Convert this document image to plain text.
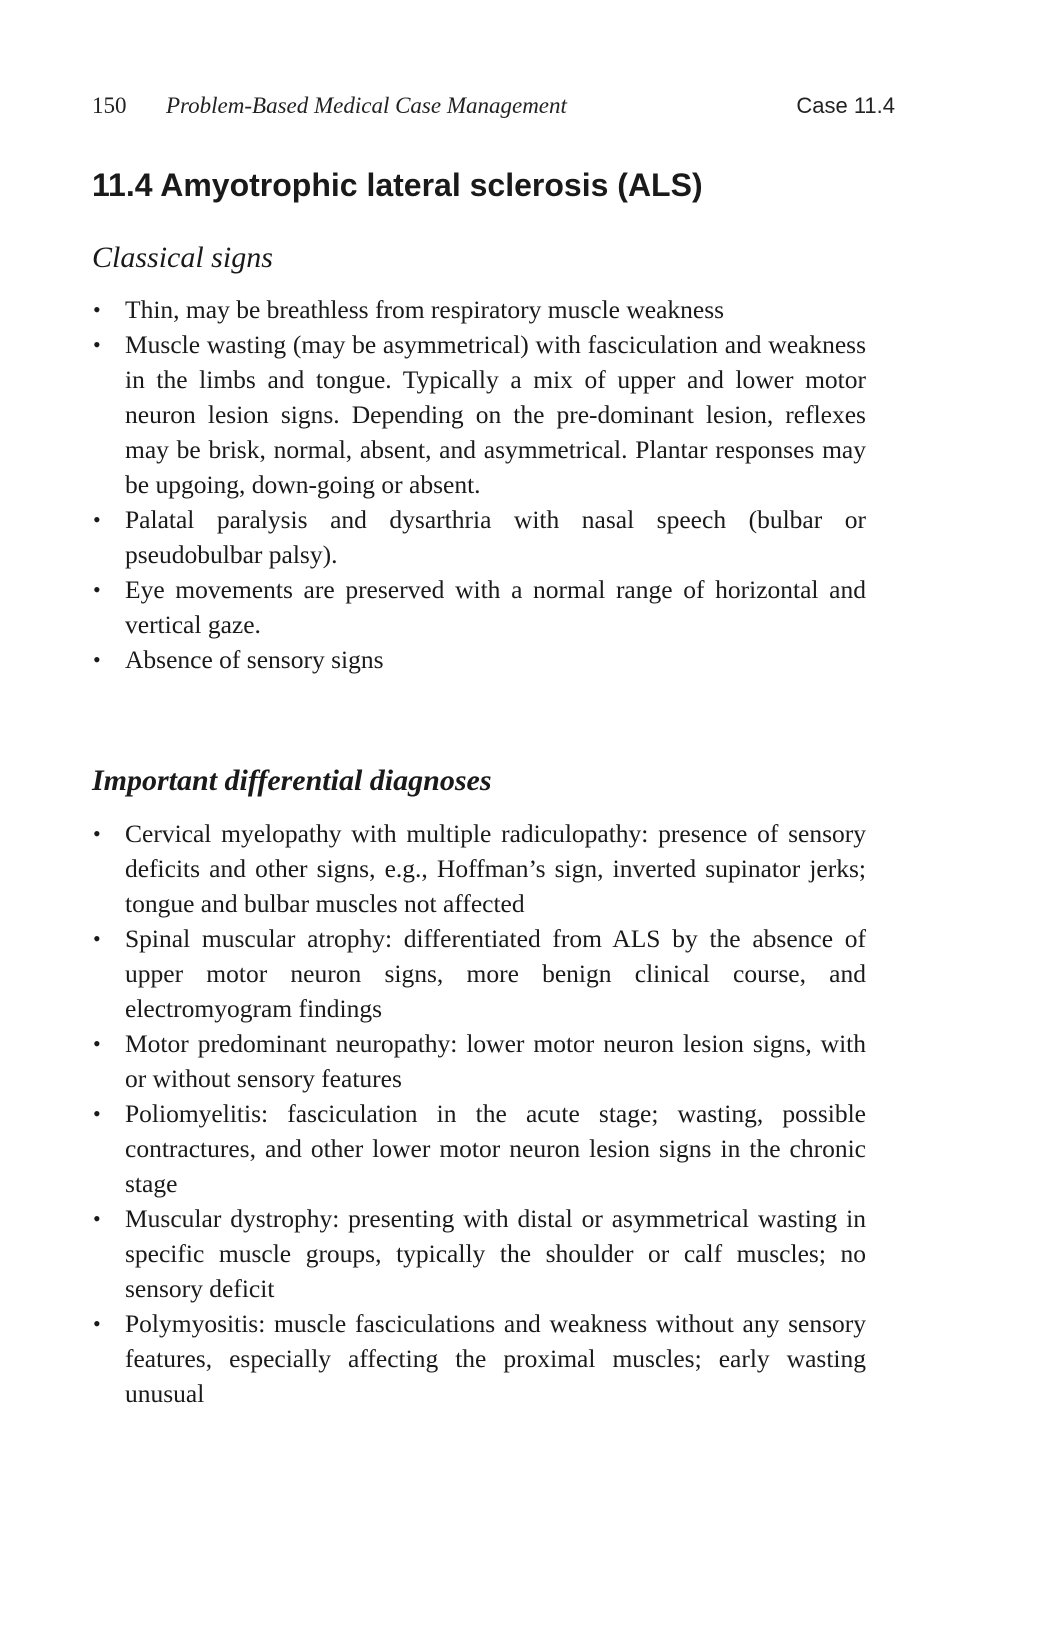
150 Problem-Based Medical Case Management	Case 11.4
11.4 Amyotrophic lateral sclerosis (ALS)
Classical signs
• Thin, may be breathless from respiratory muscle weakness
• Muscle wasting (may be asymmetrical) with fasciculation and weakness in the limbs and tongue. Typically a mix of upper and lower motor neuron lesion signs. Depending on the pre-dominant lesion, reflexes may be brisk, normal, absent, and asymmetrical. Plantar responses may be upgoing, down-going or absent.
• Palatal paralysis and dysarthria with nasal speech (bulbar or pseudobulbar palsy).
• Eye movements are preserved with a normal range of horizontal and vertical gaze.
• Absence of sensory signs
Important differential diagnoses
• Cervical myelopathy with multiple radiculopathy: presence of sensory deficits and other signs, e.g., Hoffman’s sign, inverted supinator jerks; tongue and bulbar muscles not affected
• Spinal muscular atrophy: differentiated from ALS by the absence of upper motor neuron signs, more benign clinical course, and electromyogram findings
• Motor predominant neuropathy: lower motor neuron lesion signs, with or without sensory features
• Poliomyelitis: fasciculation in the acute stage; wasting, possible contractures, and other lower motor neuron lesion signs in the chronic stage
• Muscular dystrophy: presenting with distal or asymmetrical wasting in specific muscle groups, typically the shoulder or calf muscles; no sensory deficit
• Polymyositis: muscle fasciculations and weakness without any sensory features, especially affecting the proximal muscles; early wasting unusual
